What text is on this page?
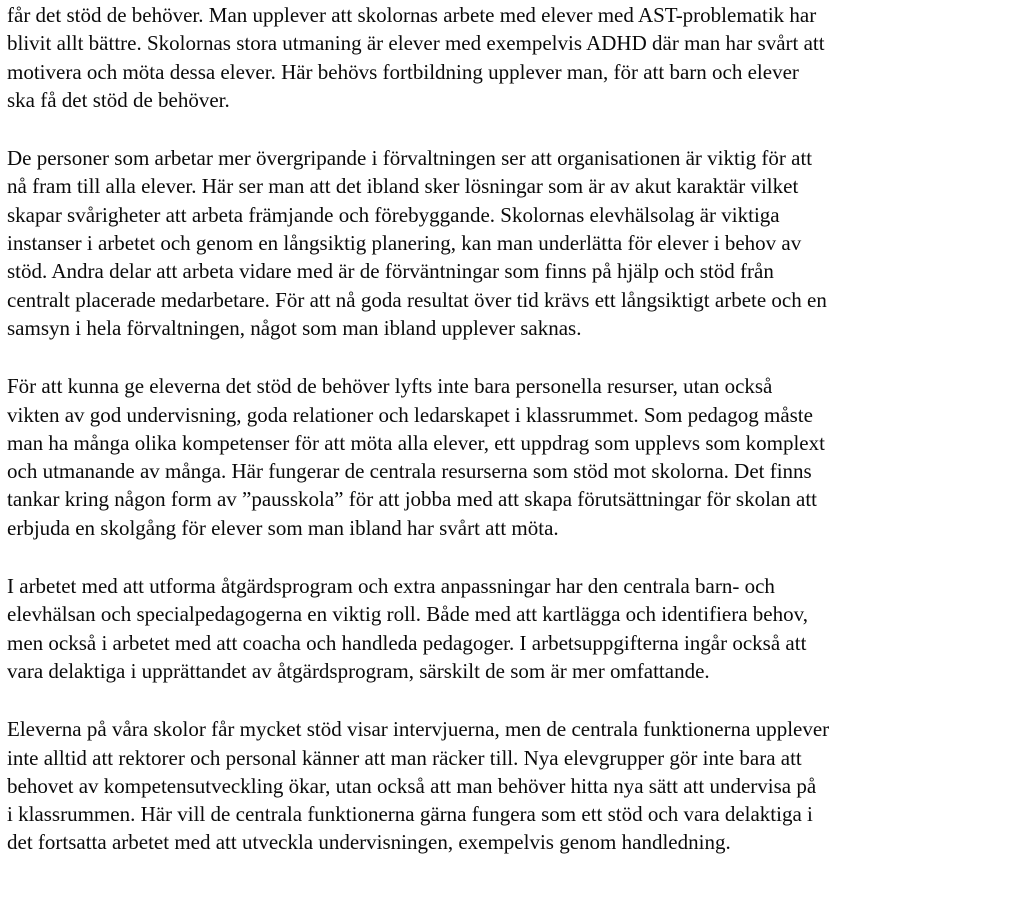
får det stöd de behöver. Man upplever att skolornas arbete med elever med AST-problematik har
blivit allt bättre. Skolornas stora utmaning är elever med exempelvis ADHD där man har svårt att
motivera och möta dessa elever. Här behövs fortbildning upplever man, för att barn och elever
ska få det stöd de behöver.
De personer som arbetar mer övergripande i förvaltningen ser att organisationen är viktig för att
nå fram till alla elever. Här ser man att det ibland sker lösningar som är av akut karaktär vilket
skapar svårigheter att arbeta främjande och förebyggande. Skolornas elevhälsolag är viktiga
instanser i arbetet och genom en långsiktig planering, kan man underlätta för elever i behov av
stöd. Andra delar att arbeta vidare med är de förväntningar som finns på hjälp och stöd från
centralt placerade medarbetare. För att nå goda resultat över tid krävs ett långsiktigt arbete och en
samsyn i hela förvaltningen, något som man ibland upplever saknas.
För att kunna ge eleverna det stöd de behöver lyfts inte bara personella resurser, utan också
vikten av god undervisning, goda relationer och ledarskapet i klassrummet. Som pedagog måste
man ha många olika kompetenser för att möta alla elever, ett uppdrag som upplevs som komplext
och utmanande av många. Här fungerar de centrala resurserna som stöd mot skolorna. Det finns
tankar kring någon form av ”pausskola” för att jobba med att skapa förutsättningar för skolan att
erbjuda en skolgång för elever som man ibland har svårt att möta.
I arbetet med att utforma åtgärdsprogram och extra anpassningar har den centrala barn- och
elevhälsan och specialpedagogerna en viktig roll. Både med att kartlägga och identifiera behov,
men också i arbetet med att coacha och handleda pedagoger. I arbetsuppgifterna ingår också att
vara delaktiga i upprättandet av åtgärdsprogram, särskilt de som är mer omfattande.
Eleverna på våra skolor får mycket stöd visar intervjuerna, men de centrala funktionerna upplever
inte alltid att rektorer och personal känner att man räcker till. Nya elevgrupper gör inte bara att
behovet av kompetensutveckling ökar, utan också att man behöver hitta nya sätt att undervisa på
i klassrummen. Här vill de centrala funktionerna gärna fungera som ett stöd och vara delaktiga i
det fortsatta arbetet med att utveckla undervisningen, exempelvis genom handledning.
